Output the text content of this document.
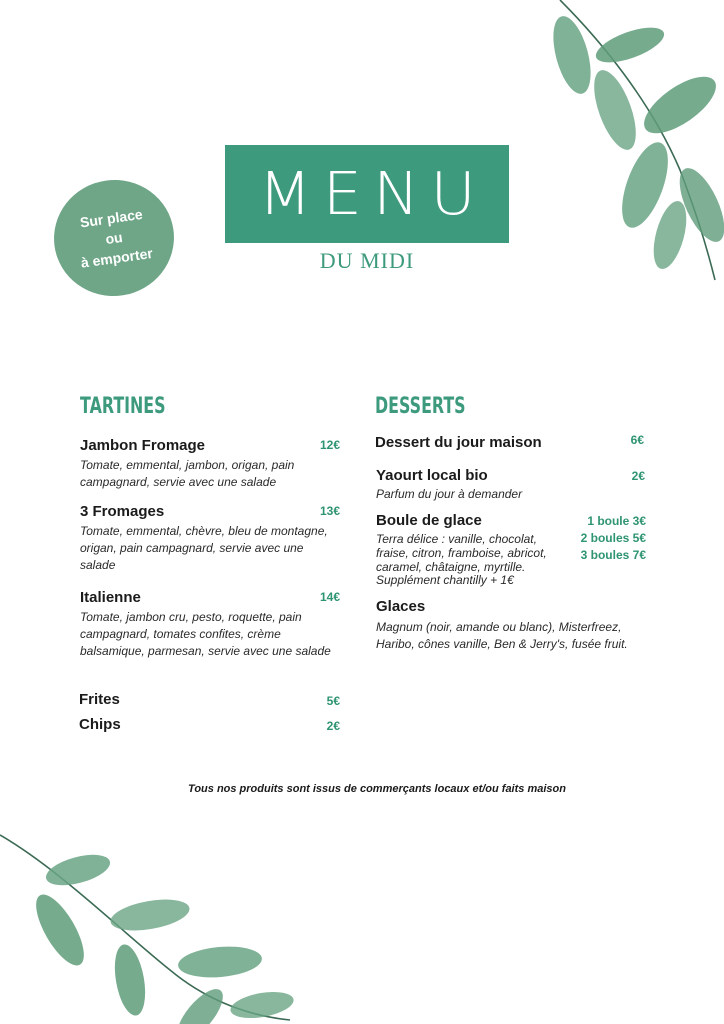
Sur place
ou
à emporter
MENU
DU MIDI
TARTINES
Jambon Fromage	12€
Tomate, emmental, jambon, origan, pain campagnard, servie avec une salade
3 Fromages	13€
Tomate, emmental, chèvre, bleu de montagne, origan, pain campagnard, servie avec une salade
Italienne	14€
Tomate, jambon cru, pesto, roquette, pain campagnard, tomates confites, crème balsamique, parmesan, servie avec une salade
Frites	5€
Chips	2€
DESSERTS
Dessert du jour maison	6€
Yaourt local bio	2€
Parfum du jour à demander
Boule de glace	1 boule 3€
2 boules 5€
3 boules 7€
Terra délice : vanille, chocolat, fraise, citron, framboise, abricot, caramel, châtaigne, myrtille.
Supplément chantilly + 1€
Glaces
Magnum (noir, amande ou blanc), Misterfreez, Haribo, cônes vanille, Ben & Jerry's, fusée fruit.
Tous nos produits sont issus de commerçants locaux et/ou faits maison
